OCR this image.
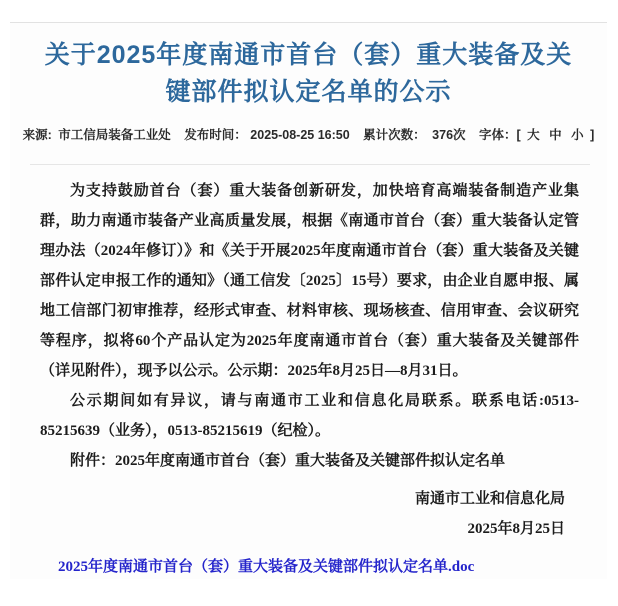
关于2025年度南通市首台（套）重大装备及关键部件拟认定名单的公示
来源: 市工信局装备工业处 发布时间： 2025-08-25 16:50 累计次数： 376次 字体：[ 大 中 小 ]

为支持鼓励首台（套）重大装备创新研发，加快培育高端装备制造产业集群，助力南通市装备产业高质量发展，根据《南通市首台（套）重大装备认定管理办法（2024年修订）》和《关于开展2025年度南通市首台（套）重大装备及关键部件认定申报工作的通知》（通工信发〔2025〕15号）要求，由企业自愿申报、属地工信部门初审推荐，经形式审查、材料审核、现场核查、信用审查、会议研究等程序，拟将60个产品认定为2025年度南通市首台（套）重大装备及关键部件（详见附件），现予以公示。公示期：2025年8月25日—8月31日。

公示期间如有异议，请与南通市工业和信息化局联系。联系电话:0513-85215639（业务），0513-85215619（纪检）。

附件：2025年度南通市首台（套）重大装备及关键部件拟认定名单

南通市工业和信息化局
2025年8月25日
2025年度南通市首台（套）重大装备及关键部件拟认定名单.doc
